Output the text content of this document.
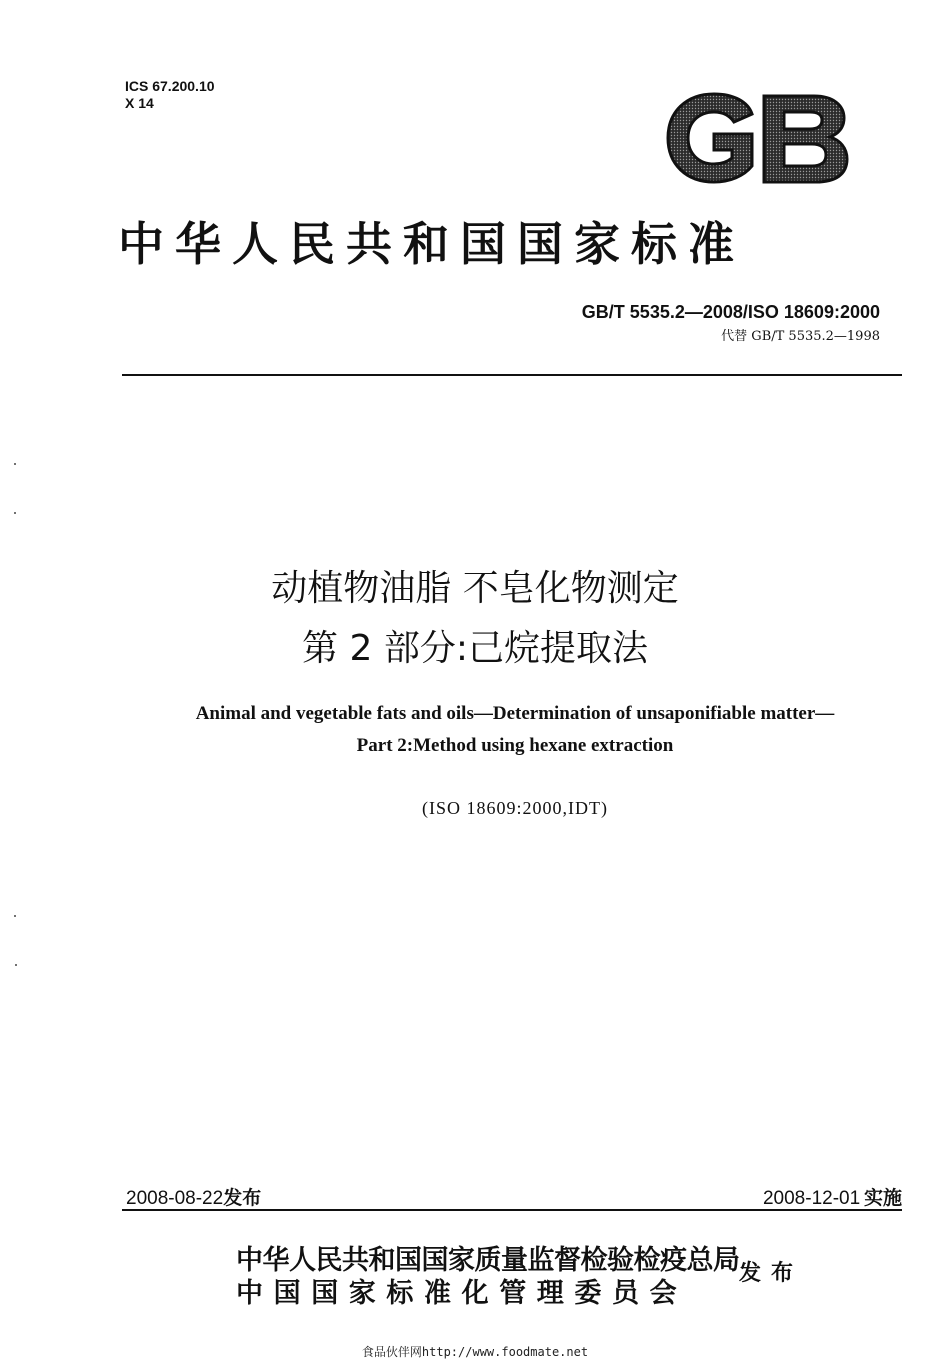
ICS 67.200.10
X 14
中华人民共和国国家标准
GB/T 5535.2—2008/ISO 18609:2000
代替 GB/T 5535.2—1998
动植物油脂 不皂化物测定
第 2 部分:己烷提取法
Animal and vegetable fats and oils—Determination of unsaponifiable matter—
Part 2:Method using hexane extraction
(ISO 18609:2000,IDT)
2008-08-22发布	2008-12-01  实施
中华人民共和国国家质量监督检验检疫总局
中国国家标准化管理委员会
发布
食品伙伴网http://www.foodmate.net
